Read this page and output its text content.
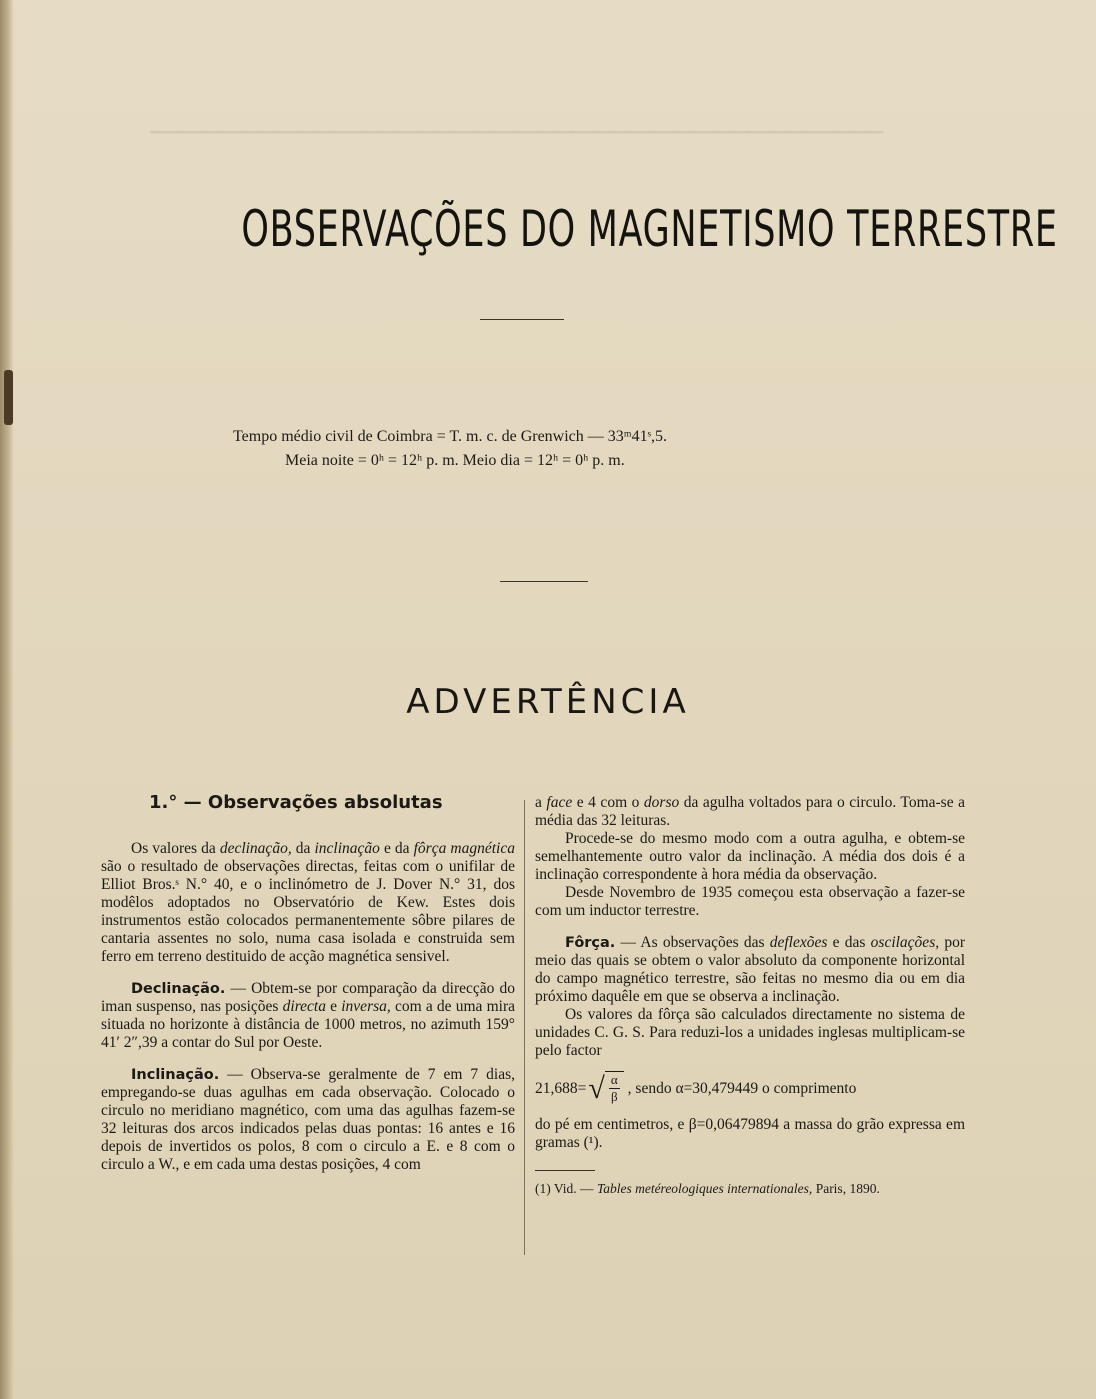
━━━━━━━━━━━━━━━━━━━━━━━━━━━━━━━━━━━━━━━━━━━━━━━━━━━━━━━━━━━━━━━━━━━━━━━━━━━━━━━━━━━━━━━
OBSERVAÇÕES DO MAGNETISMO TERRESTRE
Tempo médio civil de Coimbra = T. m. c. de Grenwich — 33ᵐ41ˢ,5.
Meia noite = 0ʰ = 12ʰ p. m. Meio dia = 12ʰ = 0ʰ p. m.
ADVERTÊNCIA

1.° — Observações absolutas

Os valores da declinação, da inclinação e da fôrça magnética são o resultado de observações directas, feitas com o unifilar de Elliot Bros.ˢ N.° 40, e o inclinómetro de J. Dover N.° 31, dos modêlos adoptados no Observatório de Kew. Estes dois instrumentos estão colocados permanentemente sôbre pilares de cantaria assentes no solo, numa casa isolada e construida sem ferro em terreno destituido de acção magnética sensivel.

Declinação. — Obtem-se por comparação da direcção do iman suspenso, nas posições directa e inversa, com a de uma mira situada no horizonte à distância de 1000 metros, no azimuth 159° 41′ 2″,39 a contar do Sul por Oeste.

Inclinação. — Observa-se geralmente de 7 em 7 dias, empregando-se duas agulhas em cada observação. Colocado o circulo no meridiano magnético, com uma das agulhas fazem-se 32 leituras dos arcos indicados pelas duas pontas: 16 antes e 16 depois de invertidos os polos, 8 com o circulo a E. e 8 com o circulo a W., e em cada uma destas posições, 4 com

a face e 4 com o dorso da agulha voltados para o circulo. Toma-se a média das 32 leituras.

Procede-se do mesmo modo com a outra agulha, e obtem-se semelhantemente outro valor da inclinação. A média dos dois é a inclinação correspondente à hora média da observação.

Desde Novembro de 1935 começou esta observação a fazer-se com um inductor terrestre.

Fôrça. — As observações das deflexões e das oscilações, por meio das quais se obtem o valor absoluto da componente horizontal do campo magnético terrestre, são feitas no mesmo dia ou em dia próximo daquêle em que se observa a inclinação.

Os valores da fôrça são calculados directamente no sistema de unidades C. G. S. Para reduzi-los a unidades inglesas multiplicam-se pelo factor

21,688= √ $\frac{\alpha}{\beta}$ , sendo α=30,479449 o comprimento

do pé em centimetros, e β=0,06479894 a massa do grão expressa em gramas (¹).

(1) Vid. — Tables metéreologiques internationales, Paris, 1890.
